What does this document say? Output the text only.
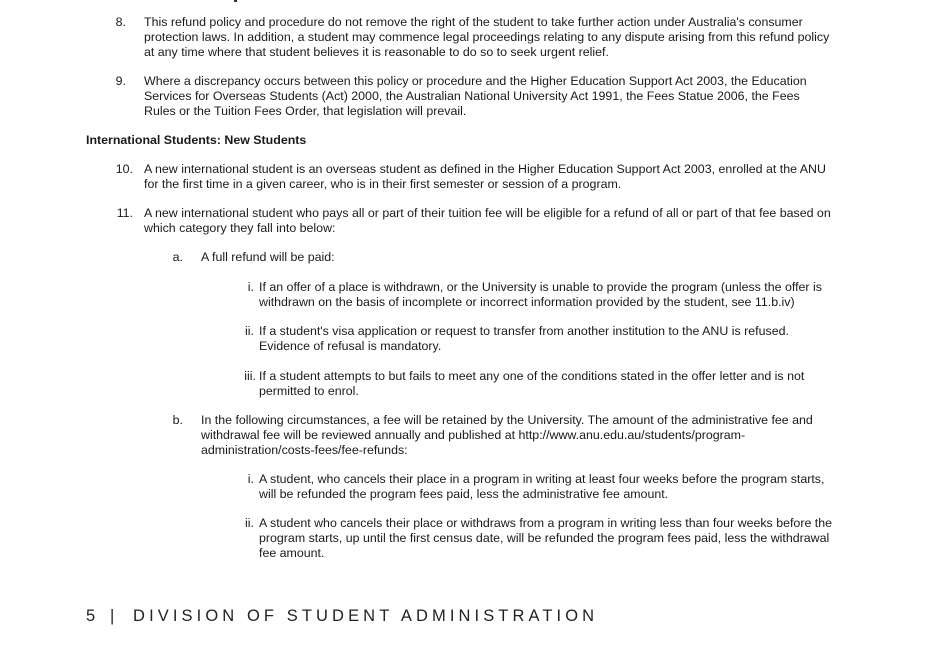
8. This refund policy and procedure do not remove the right of the student to take further action under Australia's consumer
protection laws. In addition, a student may commence legal proceedings relating to any dispute arising from this refund policy
at any time where that student believes it is reasonable to do so to seek urgent relief.
9. Where a discrepancy occurs between this policy or procedure and the Higher Education Support Act 2003, the Education
Services for Overseas Students (Act) 2000, the Australian National University Act 1991, the Fees Statue 2006, the Fees
Rules or the Tuition Fees Order, that legislation will prevail.
International Students: New Students
10. A new international student is an overseas student as defined in the Higher Education Support Act 2003, enrolled at the ANU
for the first time in a given career, who is in their first semester or session of a program.
11. A new international student who pays all or part of their tuition fee will be eligible for a refund of all or part of that fee based on
which category they fall into below:
a. A full refund will be paid:
i. If an offer of a place is withdrawn, or the University is unable to provide the program (unless the offer is
withdrawn on the basis of incomplete or incorrect information provided by the student, see 11.b.iv)
ii. If a student's visa application or request to transfer from another institution to the ANU is refused.
Evidence of refusal is mandatory.
iii. If a student attempts to but fails to meet any one of the conditions stated in the offer letter and is not
permitted to enrol.
b. In the following circumstances, a fee will be retained by the University. The amount of the administrative fee and
withdrawal fee will be reviewed annually and published at http://www.anu.edu.au/students/program-
administration/costs-fees/fee-refunds:
i. A student, who cancels their place in a program in writing at least four weeks before the program starts,
will be refunded the program fees paid, less the administrative fee amount.
ii. A student who cancels their place or withdraws from a program in writing less than four weeks before the
program starts, up until the first census date, will be refunded the program fees paid, less the withdrawal
fee amount.
5 | DIVISION OF STUDENT ADMINISTRATION
